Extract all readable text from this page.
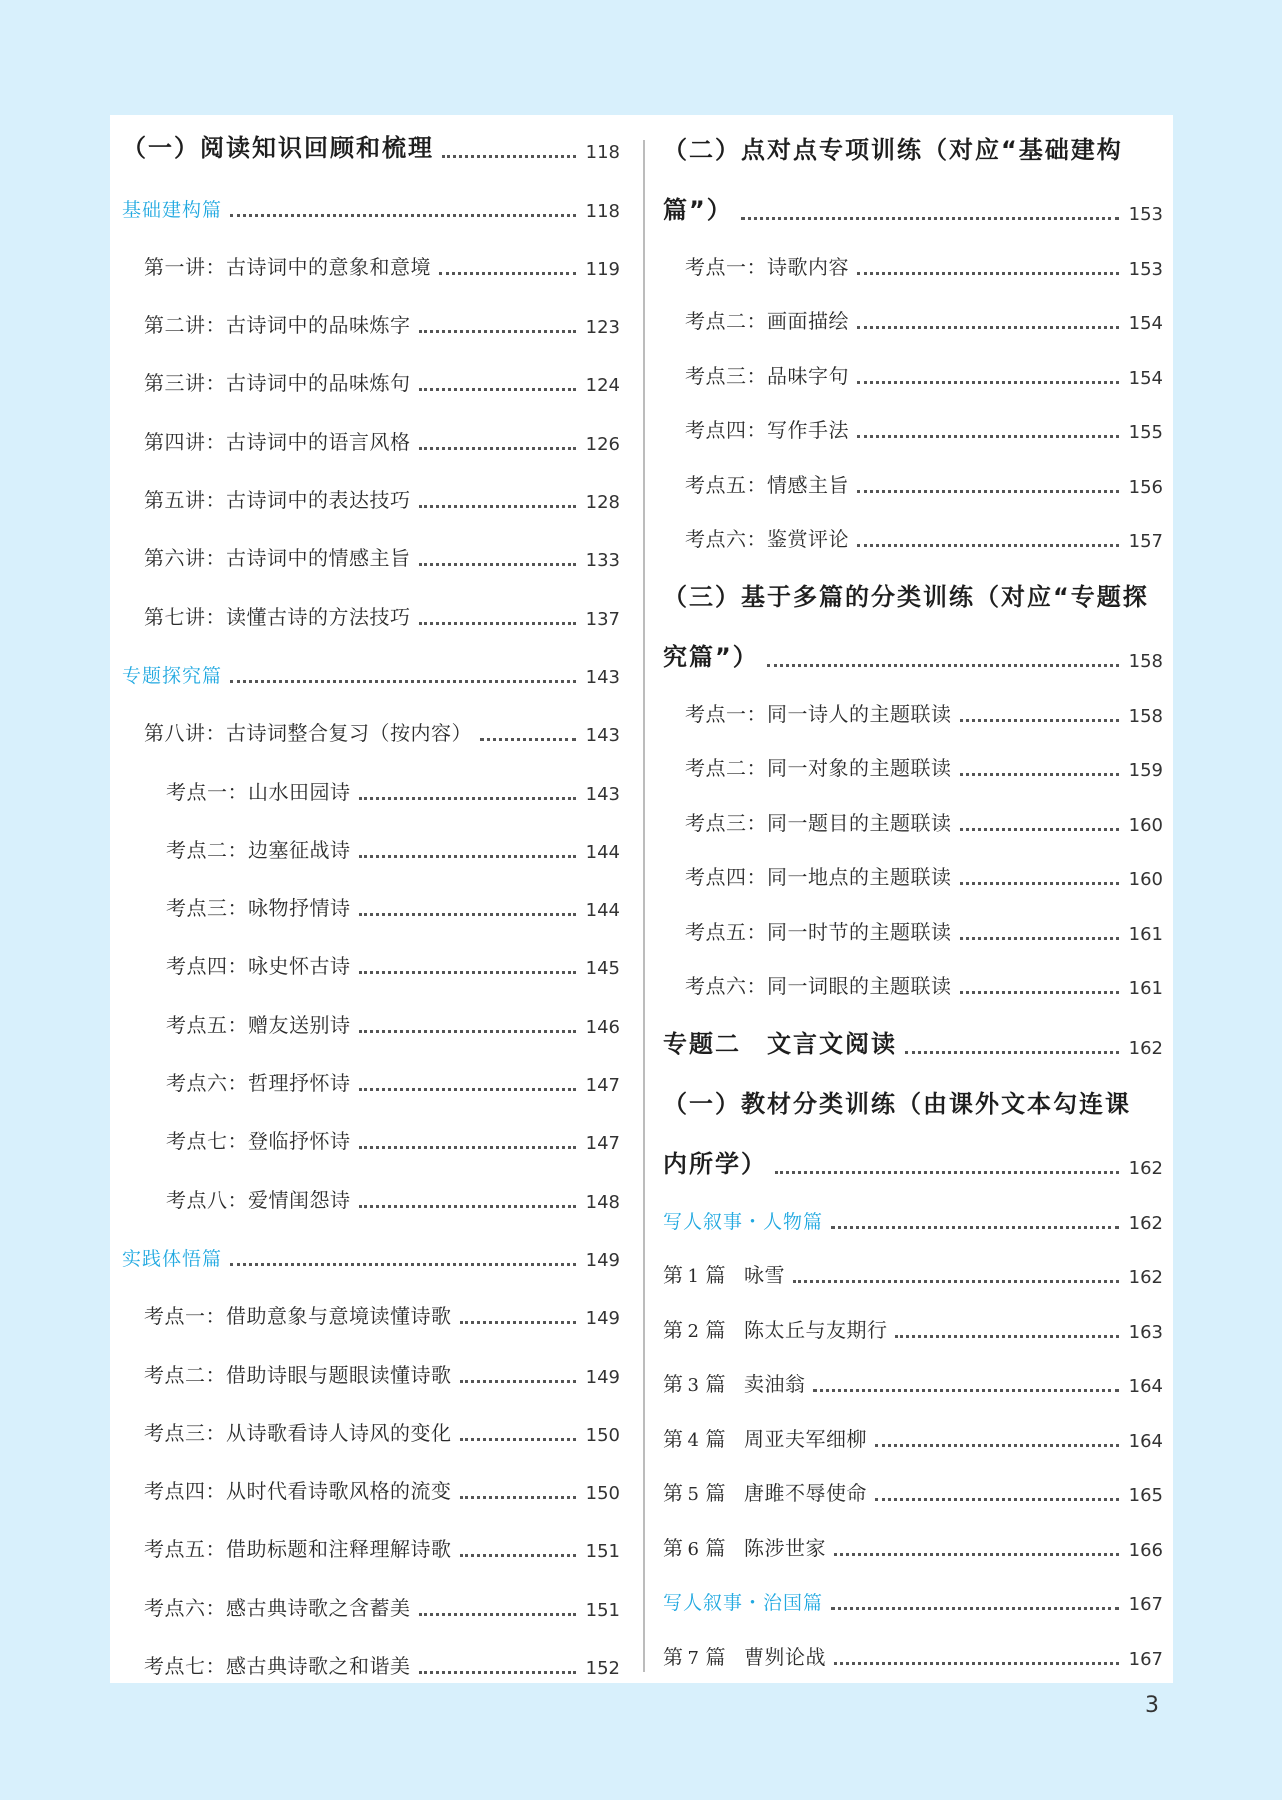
（一）阅读知识回顾和梳理	118
基础建构篇	118
第一讲：古诗词中的意象和意境	119
第二讲：古诗词中的品味炼字	123
第三讲：古诗词中的品味炼句	124
第四讲：古诗词中的语言风格	126
第五讲：古诗词中的表达技巧	128
第六讲：古诗词中的情感主旨	133
第七讲：读懂古诗的方法技巧	137
专题探究篇	143
第八讲：古诗词整合复习（按内容）	143
考点一：山水田园诗	143
考点二：边塞征战诗	144
考点三：咏物抒情诗	144
考点四：咏史怀古诗	145
考点五：赠友送别诗	146
考点六：哲理抒怀诗	147
考点七：登临抒怀诗	147
考点八：爱情闺怨诗	148
实践体悟篇	149
考点一：借助意象与意境读懂诗歌	149
考点二：借助诗眼与题眼读懂诗歌	149
考点三：从诗歌看诗人诗风的变化	150
考点四：从时代看诗歌风格的流变	150
考点五：借助标题和注释理解诗歌	151
考点六：感古典诗歌之含蓄美	151
考点七：感古典诗歌之和谐美	152
（二）点对点专项训练（对应“基础建构
篇”）	153
考点一：诗歌内容	153
考点二：画面描绘	154
考点三：品味字句	154
考点四：写作手法	155
考点五：情感主旨	156
考点六：鉴赏评论	157
（三）基于多篇的分类训练（对应“专题探
究篇”）	158
考点一：同一诗人的主题联读	158
考点二：同一对象的主题联读	159
考点三：同一题目的主题联读	160
考点四：同一地点的主题联读	160
考点五：同一时节的主题联读	161
考点六：同一词眼的主题联读	161
专题二　文言文阅读	162
（一）教材分类训练（由课外文本勾连课
内所学）	162
写人叙事・人物篇	162
第 1 篇 咏雪	162
第 2 篇 陈太丘与友期行	163
第 3 篇 卖油翁	164
第 4 篇 周亚夫军细柳	164
第 5 篇 唐雎不辱使命	165
第 6 篇 陈涉世家	166
写人叙事・治国篇	167
第 7 篇 曹刿论战	167
3
